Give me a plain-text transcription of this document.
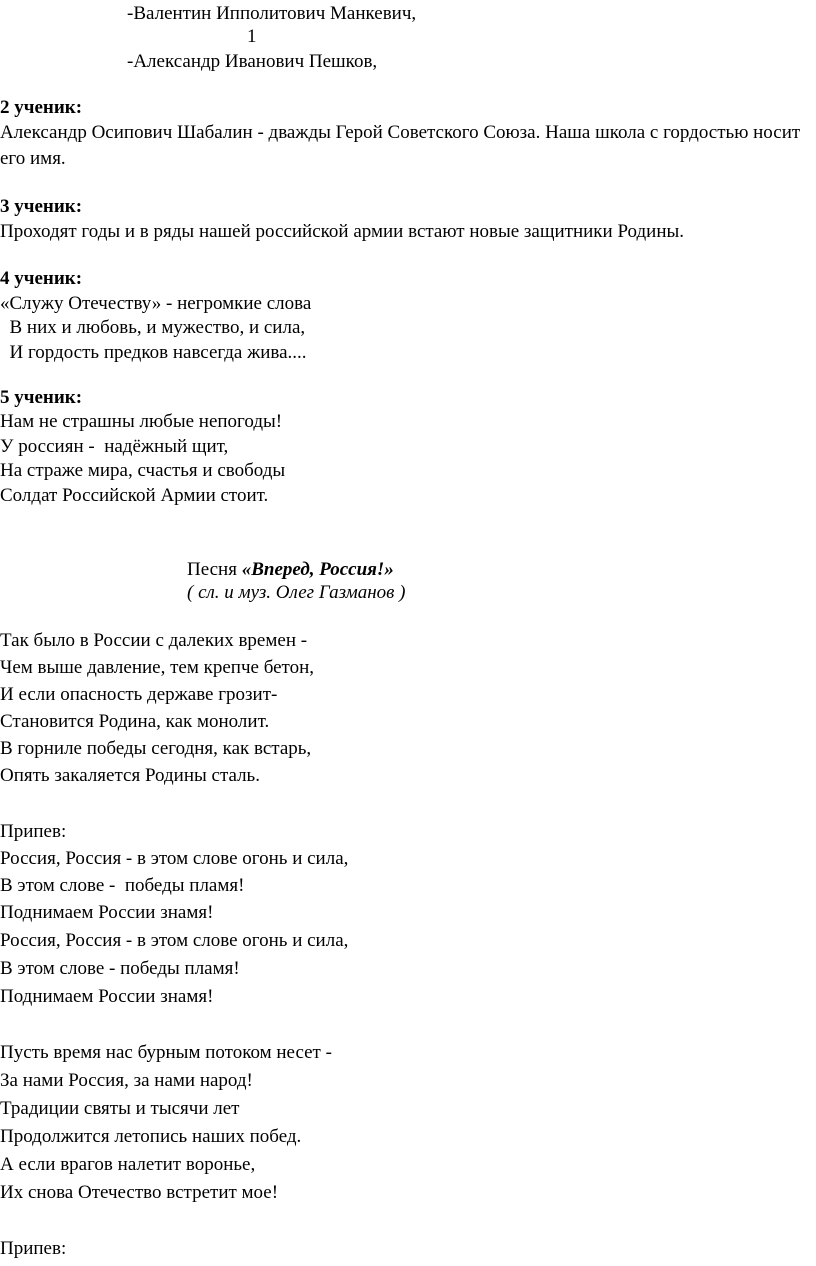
-Валентин Ипполитович Манкевич,
1
-Александр Иванович Пешков,
2 ученик:
Александр Осипович Шабалин - дважды Герой Советского Союза. Наша школа с гордостью носит его имя.
3 ученик:
Проходят годы и в ряды нашей российской армии встают новые защитники Родины.
4 ученик:
«Служу Отечеству» - негромкие слова
В них и любовь, и мужество, и сила,
И гордость предков навсегда жива....
5 ученик:
Нам не страшны любые непогоды!
У россиян -  надёжный щит,
На страже мира, счастья и свободы
Солдат Российской Армии стоит.
Песня «Вперед, Россия!»
( сл. и муз. Олег Газманов )
Так было в России с далеких времен -
Чем выше давление, тем крепче бетон,
И если опасность державе грозит-
Становится Родина, как монолит.
В горниле победы сегодня, как встарь,
Опять закаляется Родины сталь.
Припев:
Россия, Россия - в этом слове огонь и сила,
В этом слове -  победы пламя!
Поднимаем России знамя!
Россия, Россия - в этом слове огонь и сила,
В этом слове - победы пламя!
Поднимаем России знамя!
Пусть время нас бурным потоком несет -
За нами Россия, за нами народ!
Традиции святы и тысячи лет
Продолжится летопись наших побед.
А если врагов налетит воронье,
Их снова Отечество встретит мое!
Припев:
